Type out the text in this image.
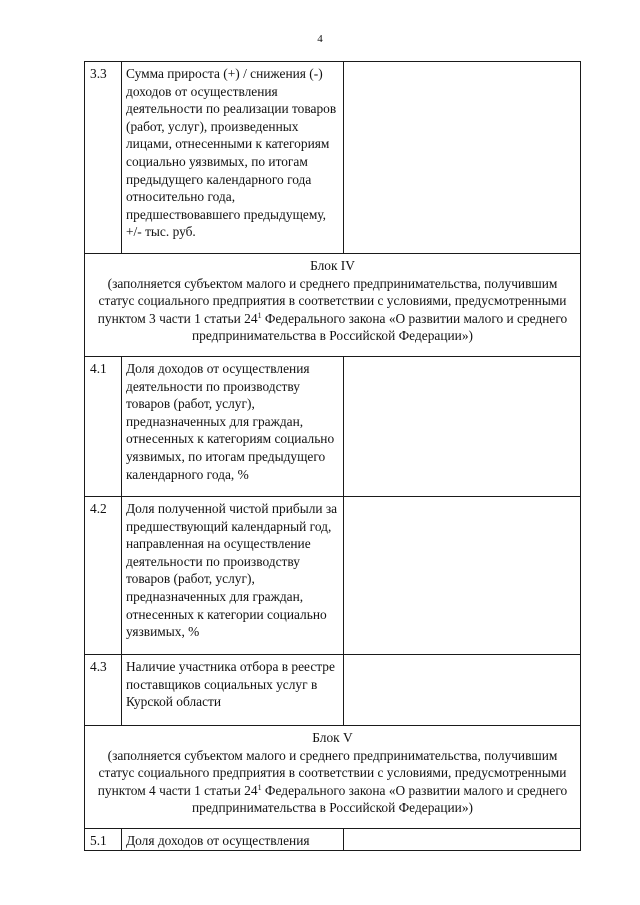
4
3.3	Сумма прироста (+) / снижения (-) доходов от осуществления деятельности по реализации товаров (работ, услуг), произведенных лицами, отнесенными к категориям социально уязвимых, по итогам предыдущего календарного года относительно года, предшествовавшего предыдущему, +/- тыс. руб.	

Блок IV
(заполняется субъектом малого и среднего предпринимательства, получившим статус социального предприятия в соответствии с условиями, предусмотренными пунктом 3 части 1 статьи $24^1$ Федерального закона «О развитии малого и среднего предпринимательства в Российской Федерации»)		

4.1	Доля доходов от осуществления деятельности по производству товаров (работ, услуг), предназначенных для граждан, отнесенных к категориям социально уязвимых, по итогам предыдущего календарного года, %	
4.2	Доля полученной чистой прибыли за предшествующий календарный год, направленная на осуществление деятельности по производству товаров (работ, услуг), предназначенных для граждан, отнесенных к категории социально уязвимых, %	
4.3	Наличие участника отбора в реестре поставщиков социальных услуг в Курской области	

Блок V
(заполняется субъектом малого и среднего предпринимательства, получившим статус социального предприятия в соответствии с условиями, предусмотренными пунктом 4 части 1 статьи $24^1$ Федерального закона «О развитии малого и среднего предпринимательства в Российской Федерации»)		

5.1	Доля доходов от осуществления	
